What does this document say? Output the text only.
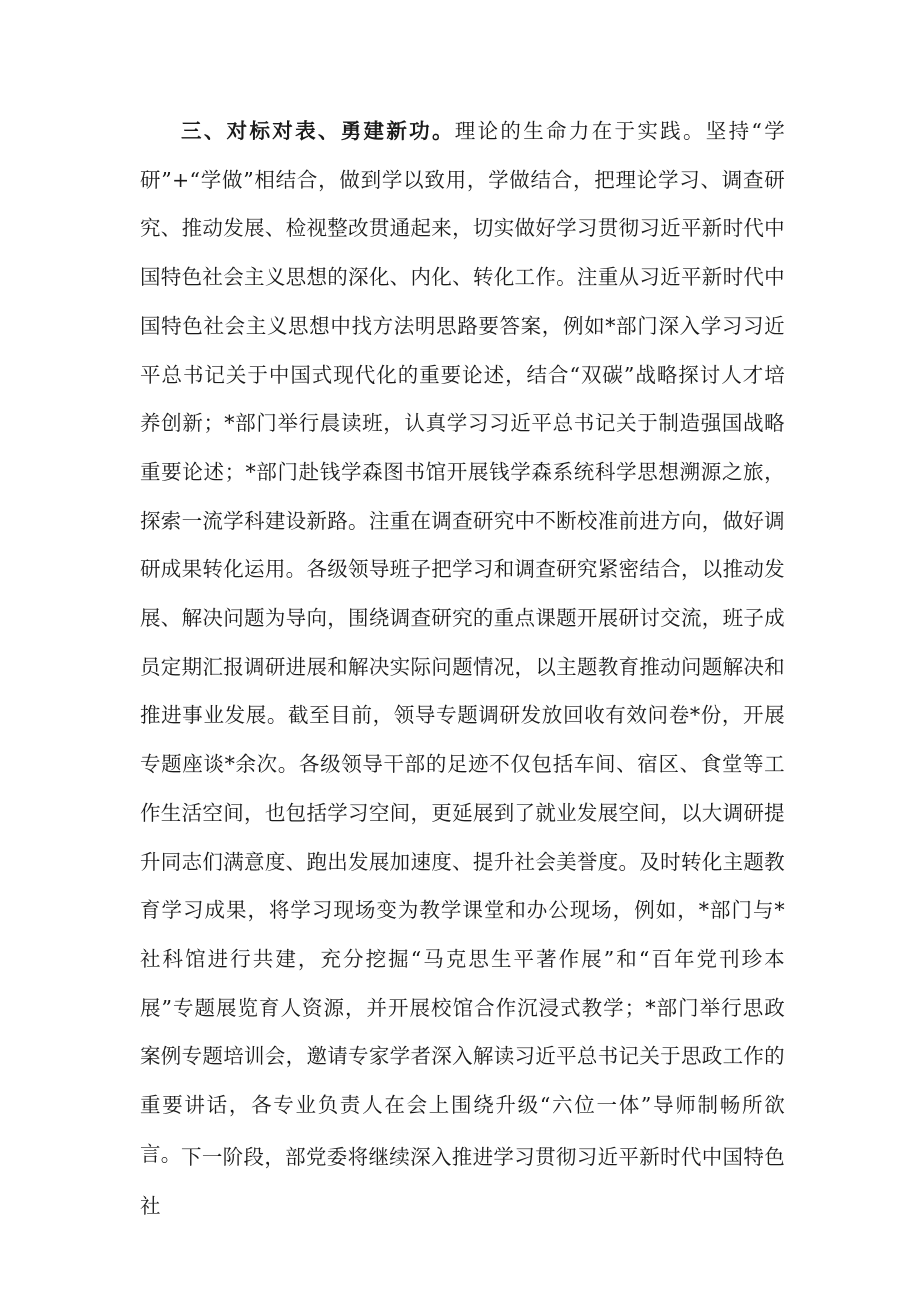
三、对标对表、勇建新功。理论的生命力在于实践。坚持“学研”+“学做”相结合，做到学以致用，学做结合，把理论学习、调查研究、推动发展、检视整改贯通起来，切实做好学习贯彻习近平新时代中国特色社会主义思想的深化、内化、转化工作。注重从习近平新时代中国特色社会主义思想中找方法明思路要答案，例如*部门深入学习习近平总书记关于中国式现代化的重要论述，结合“双碳”战略探讨人才培养创新；*部门举行晨读班，认真学习习近平总书记关于制造强国战略重要论述；*部门赴钱学森图书馆开展钱学森系统科学思想溯源之旅，探索一流学科建设新路。注重在调查研究中不断校准前进方向，做好调研成果转化运用。各级领导班子把学习和调查研究紧密结合，以推动发展、解决问题为导向，围绕调查研究的重点课题开展研讨交流，班子成员定期汇报调研进展和解决实际问题情况，以主题教育推动问题解决和推进事业发展。截至目前，领导专题调研发放回收有效问卷*份，开展专题座谈*余次。各级领导干部的足迹不仅包括车间、宿区、食堂等工作生活空间，也包括学习空间，更延展到了就业发展空间，以大调研提升同志们满意度、跑出发展加速度、提升社会美誉度。及时转化主题教育学习成果，将学习现场变为教学课堂和办公现场，例如，*部门与*社科馆进行共建，充分挖掘“马克思生平著作展”和“百年党刊珍本展”专题展览育人资源，并开展校馆合作沉浸式教学；*部门举行思政案例专题培训会，邀请专家学者深入解读习近平总书记关于思政工作的重要讲话，各专业负责人在会上围绕升级“六位一体”导师制畅所欲言。 下一阶段，部党委将继续深入推进学习贯彻习近平新时代中国特色社
